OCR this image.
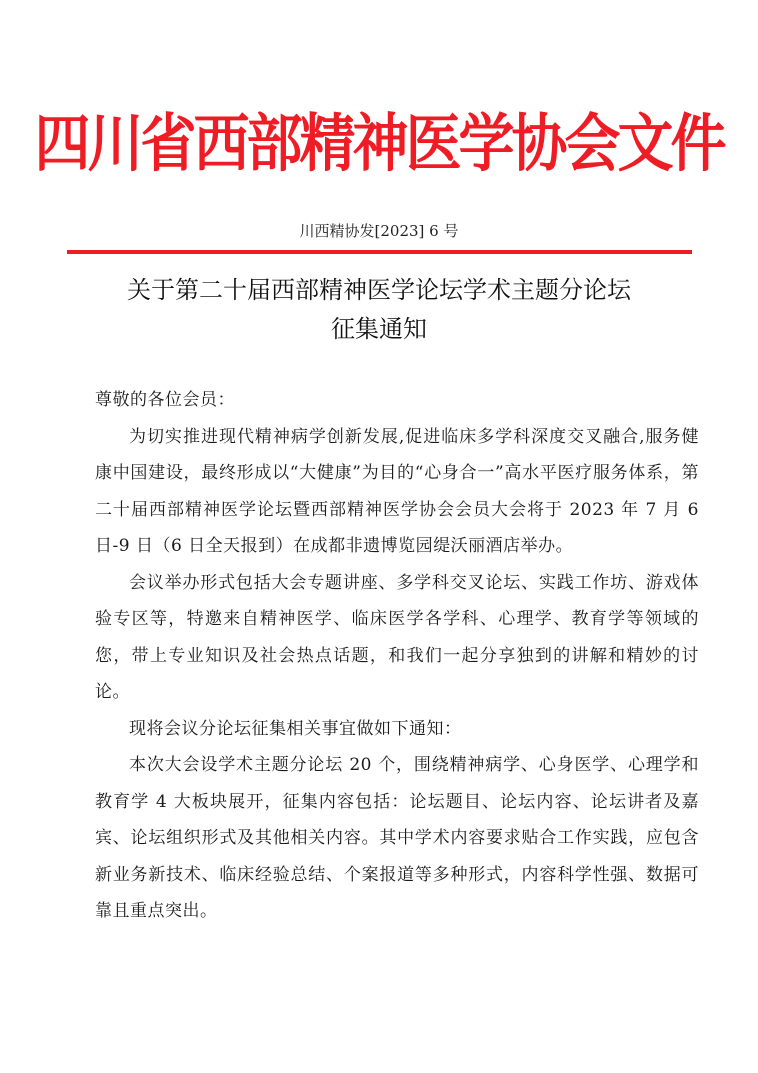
四川省西部精神医学协会文件
川西精协发[2023] 6 号
关于第二十届西部精神医学论坛学术主题分论坛
征集通知

尊敬的各位会员：

为切实推进现代精神病学创新发展,促进临床多学科深度交叉融合,服务健康中国建设，最终形成以“大健康”为目的“心身合一”高水平医疗服务体系，第二十届西部精神医学论坛暨西部精神医学协会会员大会将于 2023 年 7 月 6 日-9 日（6 日全天报到）在成都非遗博览园缇沃丽酒店举办。

会议举办形式包括大会专题讲座、多学科交叉论坛、实践工作坊、游戏体验专区等，特邀来自精神医学、临床医学各学科、心理学、教育学等领域的您，带上专业知识及社会热点话题，和我们一起分享独到的讲解和精妙的讨论。

现将会议分论坛征集相关事宜做如下通知：

本次大会设学术主题分论坛 20 个，围绕精神病学、心身医学、心理学和教育学 4 大板块展开，征集内容包括：论坛题目、论坛内容、论坛讲者及嘉宾、论坛组织形式及其他相关内容。其中学术内容要求贴合工作实践，应包含新业务新技术、临床经验总结、个案报道等多种形式，内容科学性强、数据可靠且重点突出。
